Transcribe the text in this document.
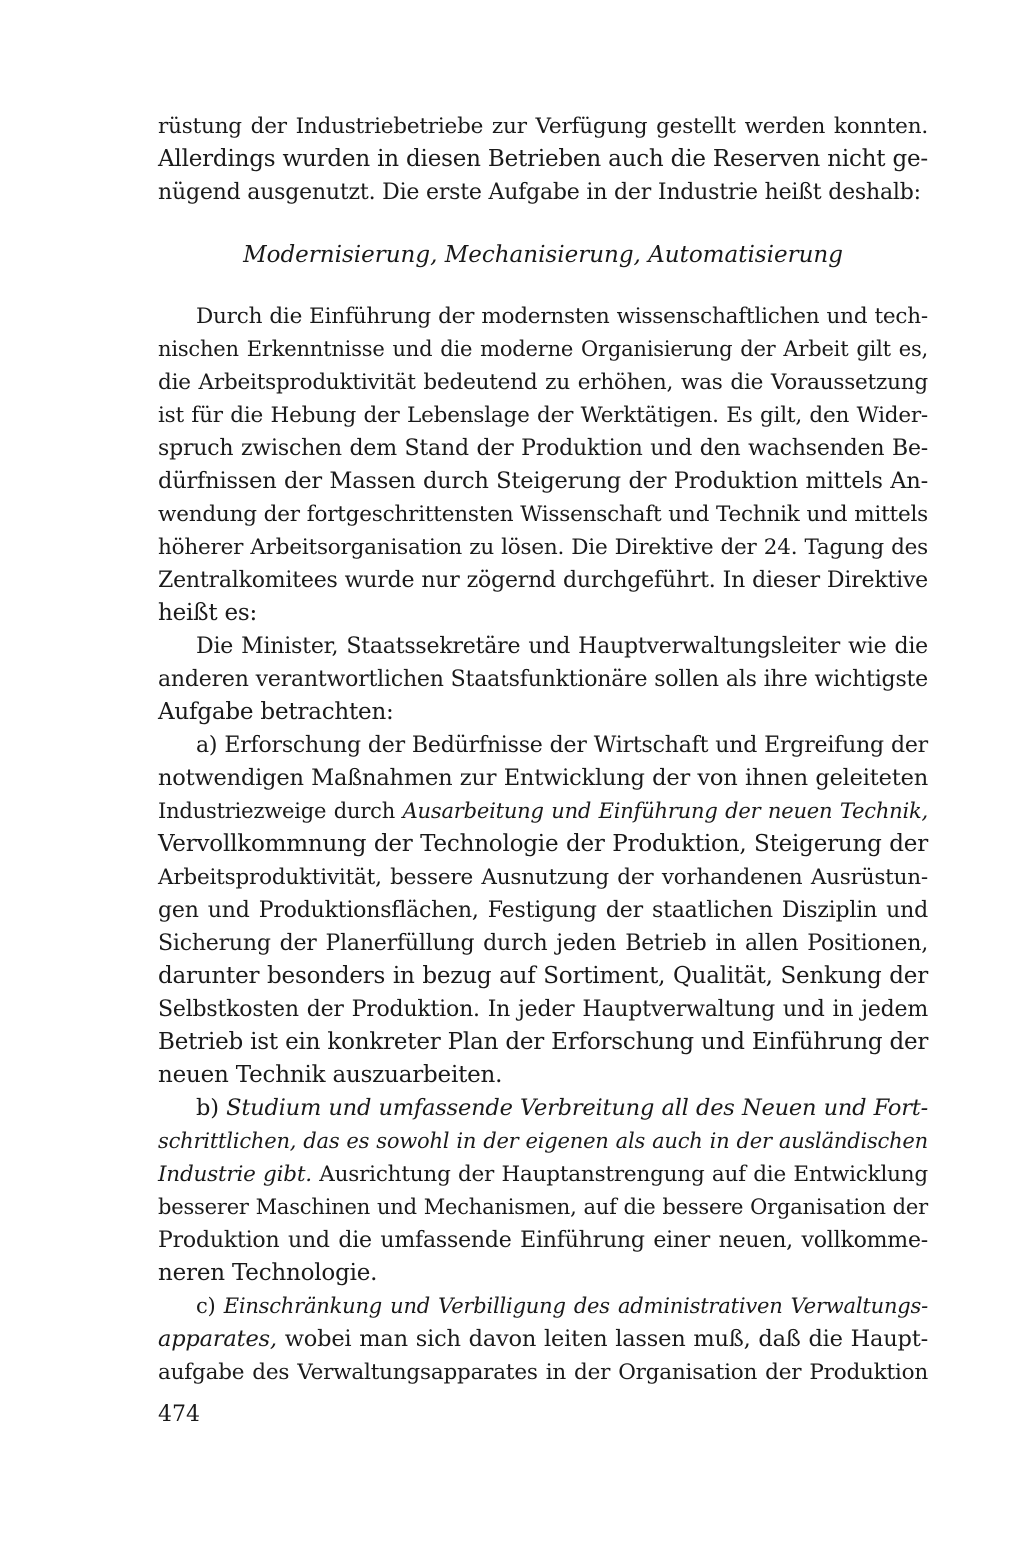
rüstung der Industriebetriebe zur Verfügung gestellt werden konnten.
Allerdings wurden in diesen Betrieben auch die Reserven nicht ge-
nügend ausgenutzt. Die erste Aufgabe in der Industrie heißt deshalb:
Modernisierung, Mechanisierung, Automatisierung
Durch die Einführung der modernsten wissenschaftlichen und tech-
nischen Erkenntnisse und die moderne Organisierung der Arbeit gilt es,
die Arbeitsproduktivität bedeutend zu erhöhen, was die Voraussetzung
ist für die Hebung der Lebenslage der Werktätigen. Es gilt, den Wider-
spruch zwischen dem Stand der Produktion und den wachsenden Be-
dürfnissen der Massen durch Steigerung der Produktion mittels An-
wendung der fortgeschrittensten Wissenschaft und Technik und mittels
höherer Arbeitsorganisation zu lösen. Die Direktive der 24. Tagung des
Zentralkomitees wurde nur zögernd durchgeführt. In dieser Direktive
heißt es:
Die Minister, Staatssekretäre und Hauptverwaltungsleiter wie die
anderen verantwortlichen Staatsfunktionäre sollen als ihre wichtigste
Aufgabe betrachten:
a) Erforschung der Bedürfnisse der Wirtschaft und Ergreifung der
notwendigen Maßnahmen zur Entwicklung der von ihnen geleiteten
Industriezweige durch Ausarbeitung und Einführung der neuen Technik,
Vervollkommnung der Technologie der Produktion, Steigerung der
Arbeitsproduktivität, bessere Ausnutzung der vorhandenen Ausrüstun-
gen und Produktionsflächen, Festigung der staatlichen Disziplin und
Sicherung der Planerfüllung durch jeden Betrieb in allen Positionen,
darunter besonders in bezug auf Sortiment, Qualität, Senkung der
Selbstkosten der Produktion. In jeder Hauptverwaltung und in jedem
Betrieb ist ein konkreter Plan der Erforschung und Einführung der
neuen Technik auszuarbeiten.
b) Studium und umfassende Verbreitung all des Neuen und Fort-
schrittlichen, das es sowohl in der eigenen als auch in der ausländischen
Industrie gibt. Ausrichtung der Hauptanstrengung auf die Entwicklung
besserer Maschinen und Mechanismen, auf die bessere Organisation der
Produktion und die umfassende Einführung einer neuen, vollkomme-
neren Technologie.
c) Einschränkung und Verbilligung des administrativen Verwaltungs-
apparates, wobei man sich davon leiten lassen muß, daß die Haupt-
aufgabe des Verwaltungsapparates in der Organisation der Produktion
474
